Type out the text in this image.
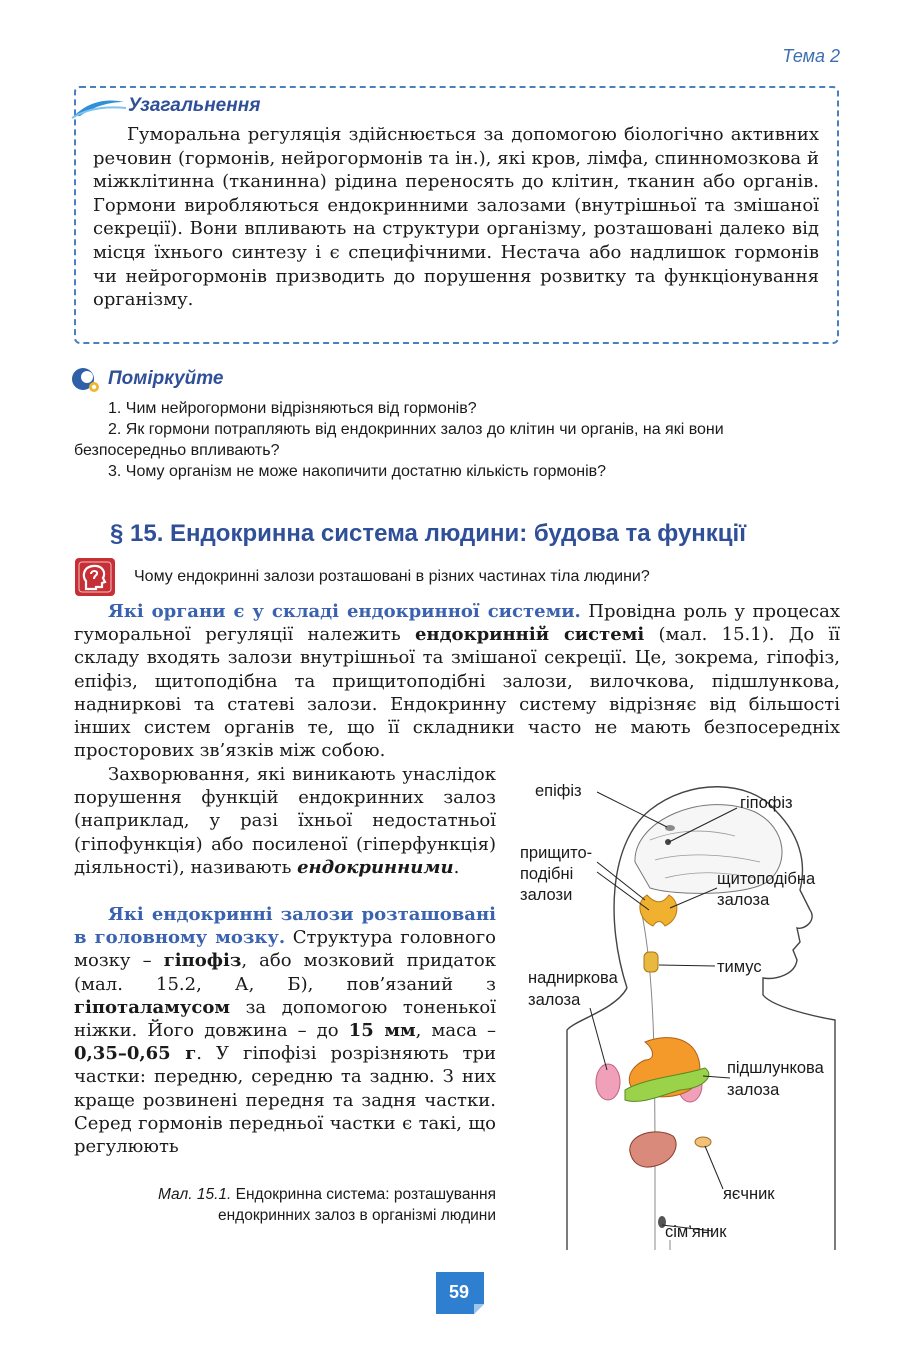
Тема 2
Узагальнення

Гуморальна регуляція здійснюється за допомогою біологічно активних речовин (гормонів, нейрогормонів та ін.), які кров, лімфа, спинномозкова й міжклітинна (тканинна) рідина переносять до клітин, тканин або органів. Гормони виробляються ендокринними залозами (внутрішньої та змішаної секреції). Вони впливають на структури організму, розташовані далеко від місця їхнього синтезу і є специфічними. Нестача або надлишок гормонів чи нейрогормонів призводить до порушення розвитку та функціонування організму.

Поміркуйте
1. Чим нейрогормони відрізняються від гормонів?
2. Як гормони потрапляють від ендокринних залоз до клітин чи органів, на які вони безпосередньо впливають?
3. Чому організм не може накопичити достатню кількість гормонів?
§ 15. Ендокринна система людини: будова та функції
Чому ендокринні залози розташовані в різних частинах тіла людини?

Які органи є у складі ендокринної системи. Провідна роль у процесах гуморальної регуляції належить ендокринній системі (мал. 15.1). До її складу входять залози внутрішньої та змішаної секреції. Це, зокрема, гіпофіз, епіфіз, щитоподібна та прищитоподібні залози, вилочкова, підшлункова, надниркові та статеві залози. Ендокринну систему відрізняє від більшості інших систем органів те, що її складники часто не мають безпосередніх просторових зв’язків між собою.

Захворювання, які виникають унаслідок порушення функцій ендокринних залоз (наприклад, у разі їхньої недостатньої (гіпофункція) або посиленої (гіперфункція) діяльності), називають ендокринними.

Які ендокринні залози розташовані в головному мозку. Структура головного мозку – гіпофіз, або мозковий придаток (мал. 15.2, А, Б), пов’язаний з гіпоталамусом за допомогою тоненької ніжки. Його довжина – до 15 мм, маса – 0,35–0,65 г. У гіпофізі розрізняють три частки: передню, середню та задню. З них краще розвинені передня та задня частки. Серед гормонів передньої частки є такі, що регулюють

Мал. 15.1. Ендокринна система: розташування ендокринних залоз в організмі людини
епіфіз
гіпофіз
прищито-
подібні
залози
щитоподібна
залоза
тимус
надниркова
залоза
підшлункова
залоза
яєчник
сім’яник
59
